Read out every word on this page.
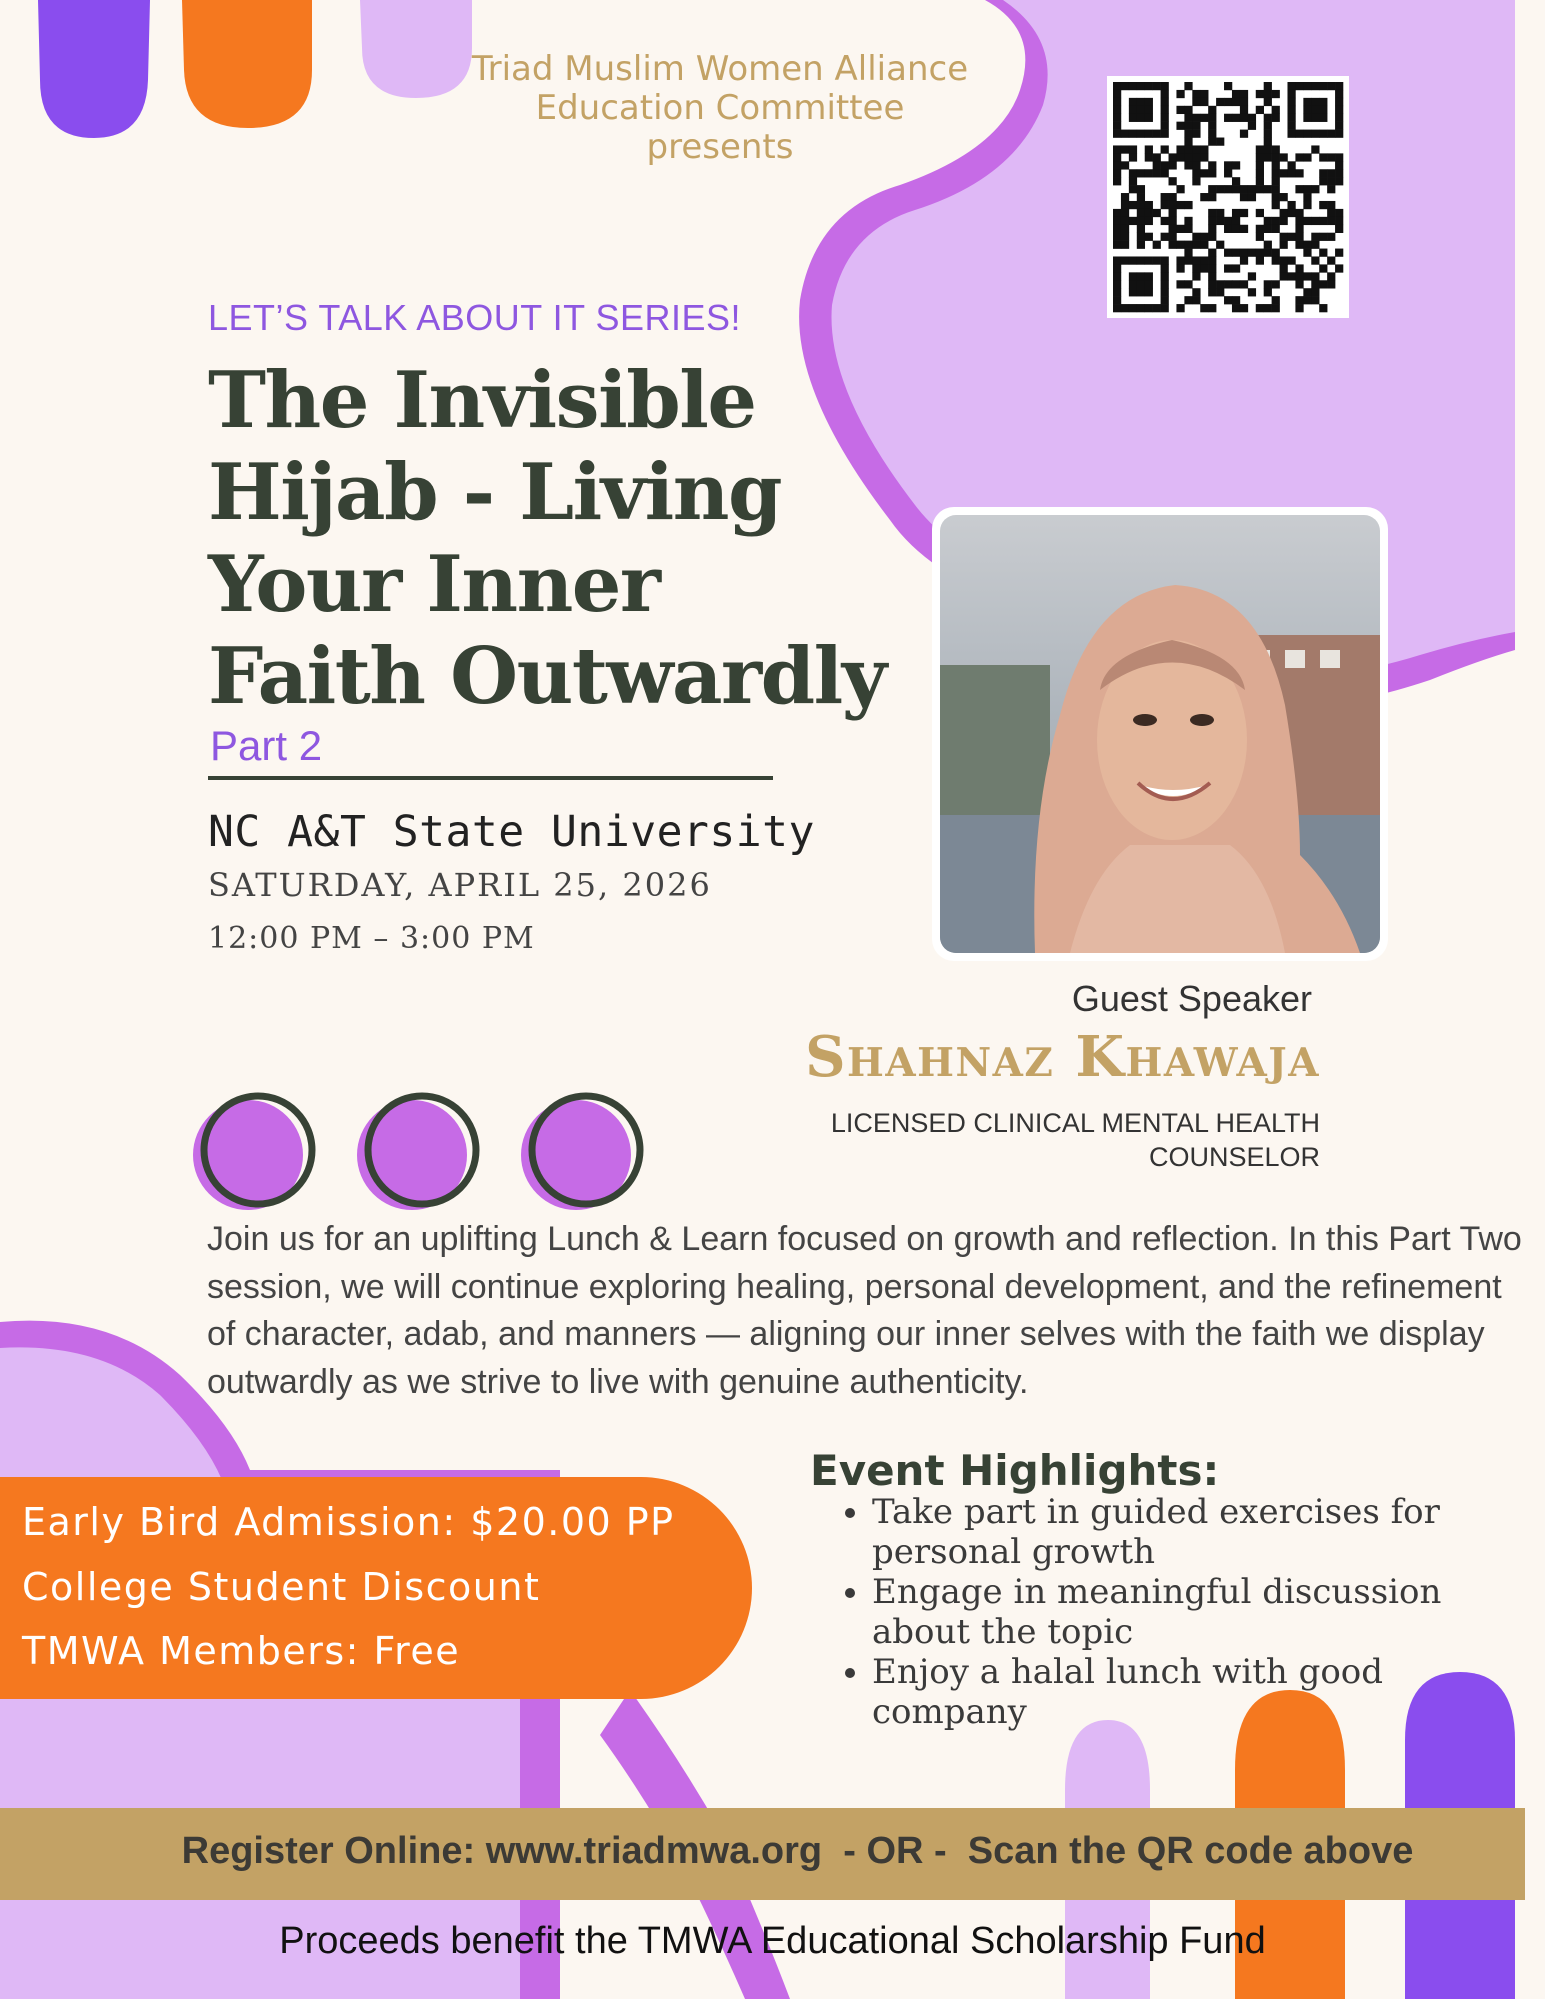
Triad Muslim Women Alliance
Education Committee
presents
LET’S TALK ABOUT IT SERIES!
The Invisible
Hijab - Living
Your Inner
Faith Outwardly
Part 2
NC A&T State University
SATURDAY, APRIL 25, 2026
12:00 PM – 3:00 PM
Guest Speaker
Shahnaz Khawaja
LICENSED CLINICAL MENTAL HEALTH
COUNSELOR
Join us for an uplifting Lunch & Learn focused on growth and reflection. In this Part Two session, we will continue exploring healing, personal development, and the refinement of character, adab, and manners — aligning our inner selves with the faith we display outwardly as we strive to live with genuine authenticity.
Early Bird Admission: $20.00 PP
College Student Discount
TMWA Members: Free
Event Highlights:
• Take part in guided exercises for personal growth
• Engage in meaningful discussion about the topic
• Enjoy a halal lunch with good company
Register Online: www.triadmwa.org  - OR -  Scan the QR code above
Proceeds benefit the TMWA Educational Scholarship Fund
